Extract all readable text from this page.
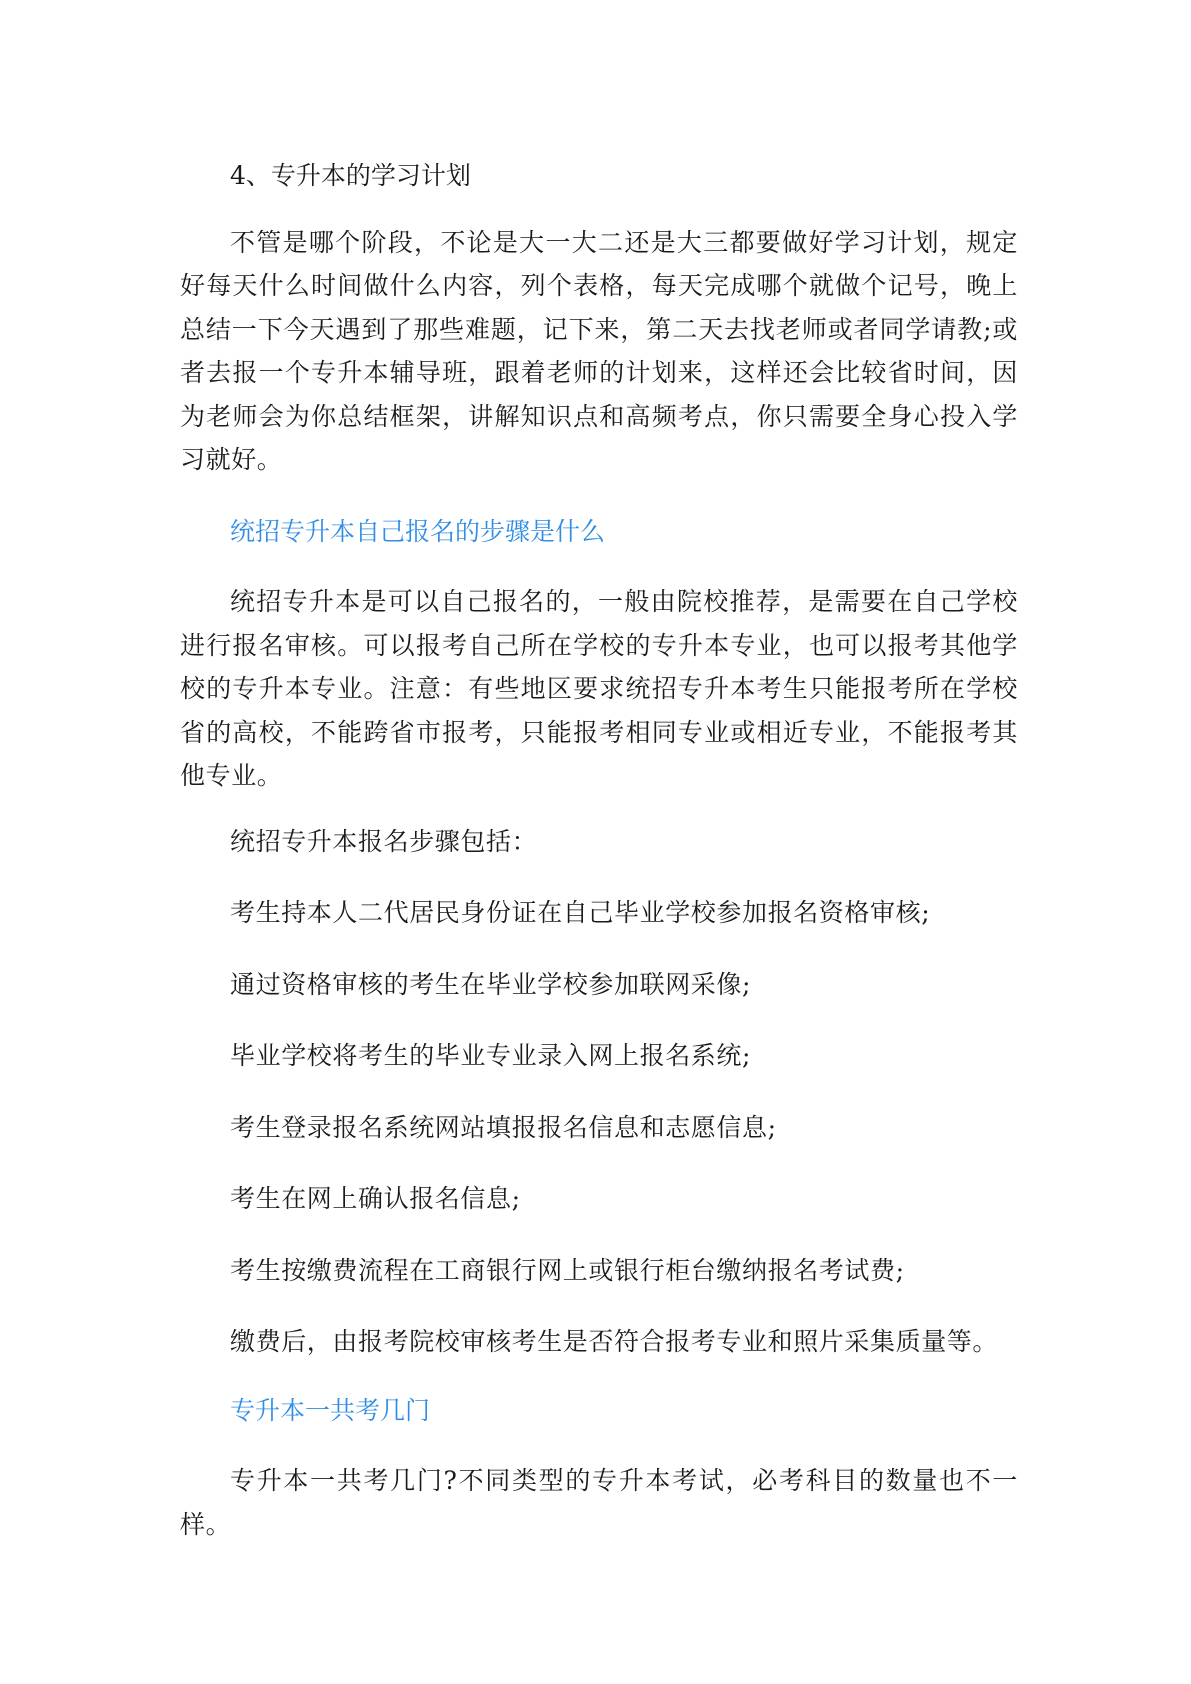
4、专升本的学习计划

不管是哪个阶段，不论是大一大二还是大三都要做好学习计划，规定好每天什么时间做什么内容，列个表格，每天完成哪个就做个记号，晚上总结一下今天遇到了那些难题，记下来，第二天去找老师或者同学请教;或者去报一个专升本辅导班，跟着老师的计划来，这样还会比较省时间，因为老师会为你总结框架，讲解知识点和高频考点，你只需要全身心投入学习就好。

统招专升本自己报名的步骤是什么

统招专升本是可以自己报名的，一般由院校推荐，是需要在自己学校进行报名审核。可以报考自己所在学校的专升本专业，也可以报考其他学校的专升本专业。注意：有些地区要求统招专升本考生只能报考所在学校省的高校，不能跨省市报考，只能报考相同专业或相近专业，不能报考其他专业。

统招专升本报名步骤包括：

考生持本人二代居民身份证在自己毕业学校参加报名资格审核;

通过资格审核的考生在毕业学校参加联网采像;

毕业学校将考生的毕业专业录入网上报名系统;

考生登录报名系统网站填报报名信息和志愿信息;

考生在网上确认报名信息;

考生按缴费流程在工商银行网上或银行柜台缴纳报名考试费;

缴费后，由报考院校审核考生是否符合报考专业和照片采集质量等。

专升本一共考几门

专升本一共考几门?不同类型的专升本考试，必考科目的数量也不一样。
